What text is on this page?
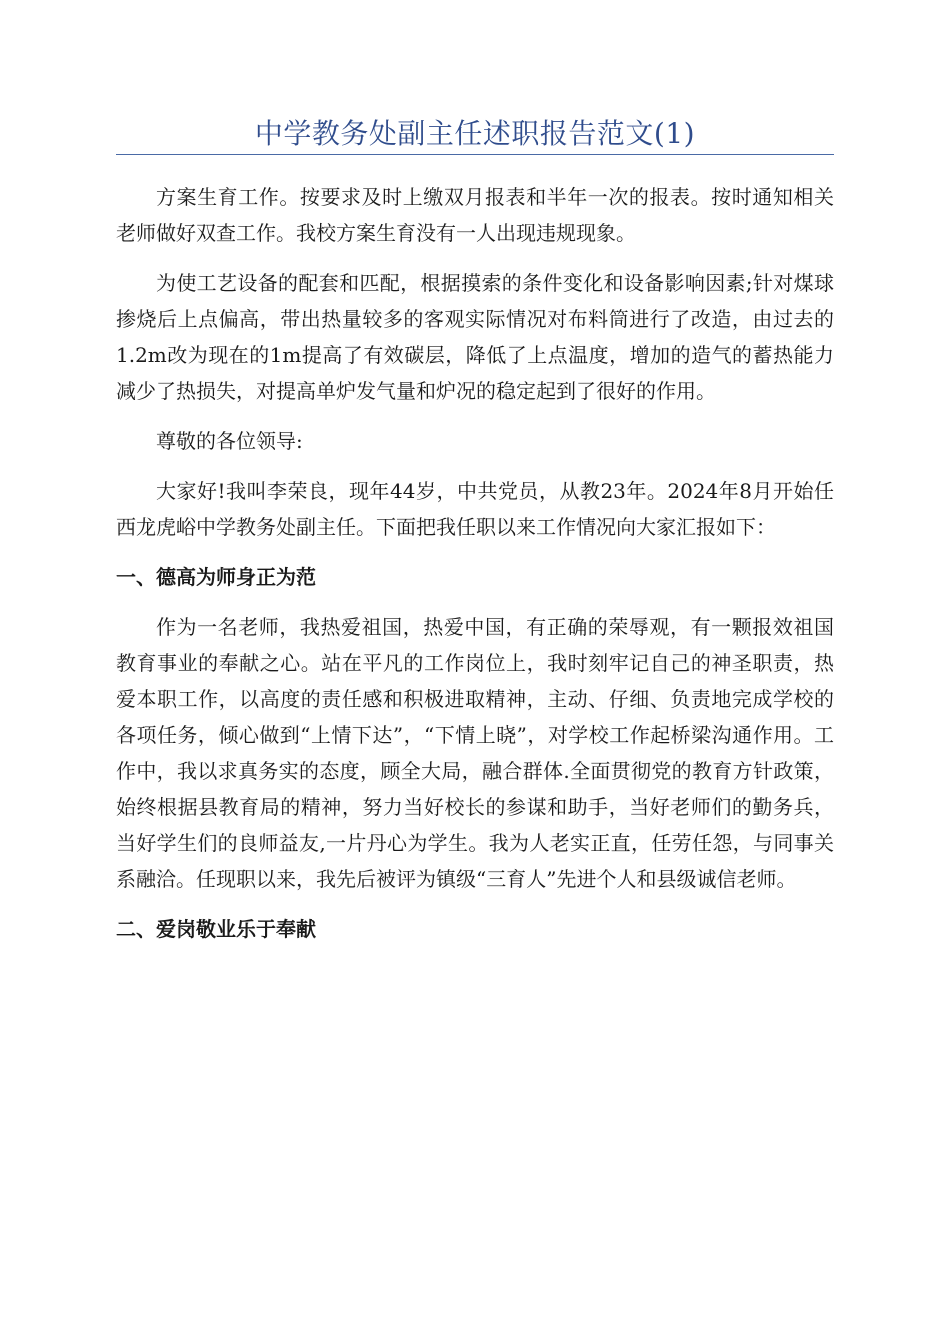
中学教务处副主任述职报告范文(1)

方案生育工作。按要求及时上缴双月报表和半年一次的报表。按时通知相关老师做好双查工作。我校方案生育没有一人出现违规现象。

为使工艺设备的配套和匹配，根据摸索的条件变化和设备影响因素;针对煤球掺烧后上点偏高，带出热量较多的客观实际情况对布料筒进行了改造，由过去的1.2m改为现在的1m提高了有效碳层，降低了上点温度，增加的造气的蓄热能力减少了热损失，对提高单炉发气量和炉况的稳定起到了很好的作用。

尊敬的各位领导:

大家好!我叫李荣良，现年44岁，中共党员，从教23年。2024年8月开始任西龙虎峪中学教务处副主任。下面把我任职以来工作情况向大家汇报如下：

一、德高为师身正为范

作为一名老师，我热爱祖国，热爱中国，有正确的荣辱观，有一颗报效祖国教育事业的奉献之心。站在平凡的工作岗位上，我时刻牢记自己的神圣职责，热爱本职工作，以高度的责任感和积极进取精神，主动、仔细、负责地完成学校的各项任务，倾心做到“上情下达”，“下情上晓”，对学校工作起桥梁沟通作用。工作中，我以求真务实的态度，顾全大局，融合群体.全面贯彻党的教育方针政策，始终根据县教育局的精神，努力当好校长的参谋和助手，当好老师们的勤务兵，当好学生们的良师益友,一片丹心为学生。我为人老实正直，任劳任怨，与同事关系融洽。任现职以来，我先后被评为镇级“三育人”先进个人和县级诚信老师。

二、爱岗敬业乐于奉献
